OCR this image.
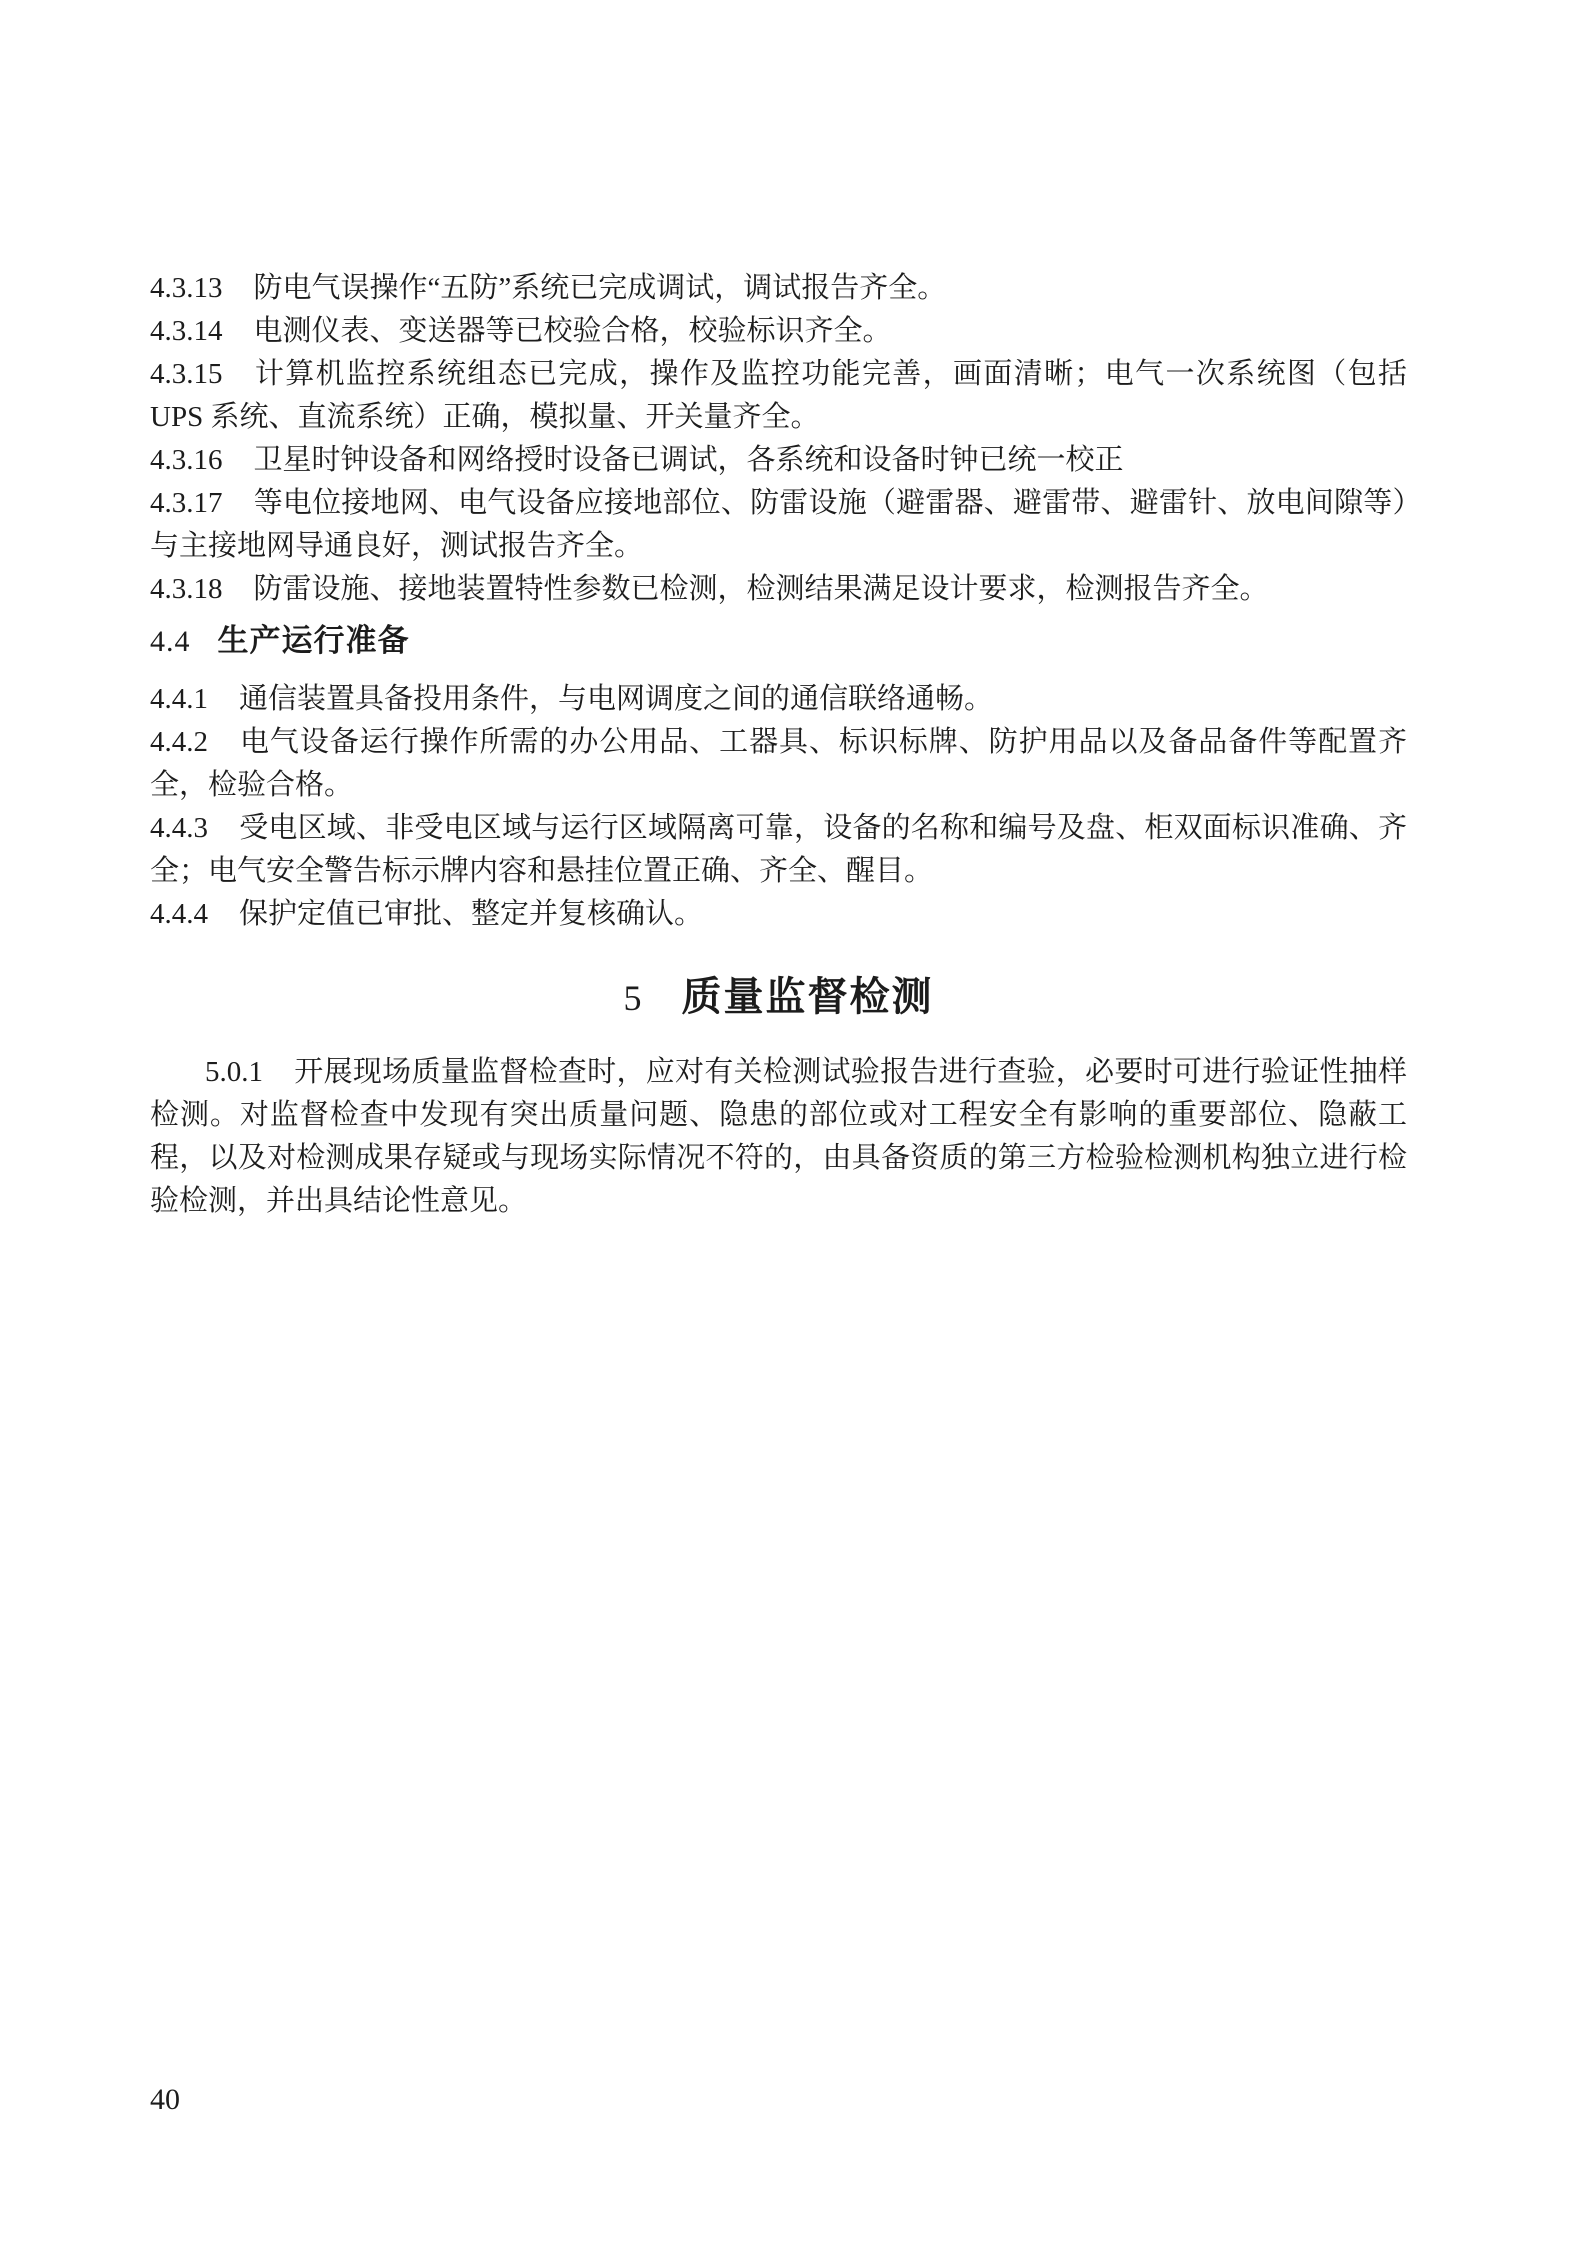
4.3.13 防电气误操作“五防”系统已完成调试，调试报告齐全。

4.3.14 电测仪表、变送器等已校验合格，校验标识齐全。

4.3.15 计算机监控系统组态已完成，操作及监控功能完善，画面清晰；电气一次系统图（包括 UPS 系统、直流系统）正确，模拟量、开关量齐全。

4.3.16 卫星时钟设备和网络授时设备已调试，各系统和设备时钟已统一校正

4.3.17 等电位接地网、电气设备应接地部位、防雷设施（避雷器、避雷带、避雷针、放电间隙等）与主接地网导通良好，测试报告齐全。

4.3.18 防雷设施、接地装置特性参数已检测，检测结果满足设计要求，检测报告齐全。

4.4 生产运行准备

4.4.1 通信装置具备投用条件，与电网调度之间的通信联络通畅。

4.4.2 电气设备运行操作所需的办公用品、工器具、标识标牌、防护用品以及备品备件等配置齐全，检验合格。

4.4.3 受电区域、非受电区域与运行区域隔离可靠，设备的名称和编号及盘、柜双面标识准确、齐全；电气安全警告标示牌内容和悬挂位置正确、齐全、醒目。

4.4.4 保护定值已审批、整定并复核确认。

5 质量监督检测

5.0.1 开展现场质量监督检查时，应对有关检测试验报告进行查验，必要时可进行验证性抽样检测。对监督检查中发现有突出质量问题、隐患的部位或对工程安全有影响的重要部位、隐蔽工程，以及对检测成果存疑或与现场实际情况不符的，由具备资质的第三方检验检测机构独立进行检验检测，并出具结论性意见。

40
